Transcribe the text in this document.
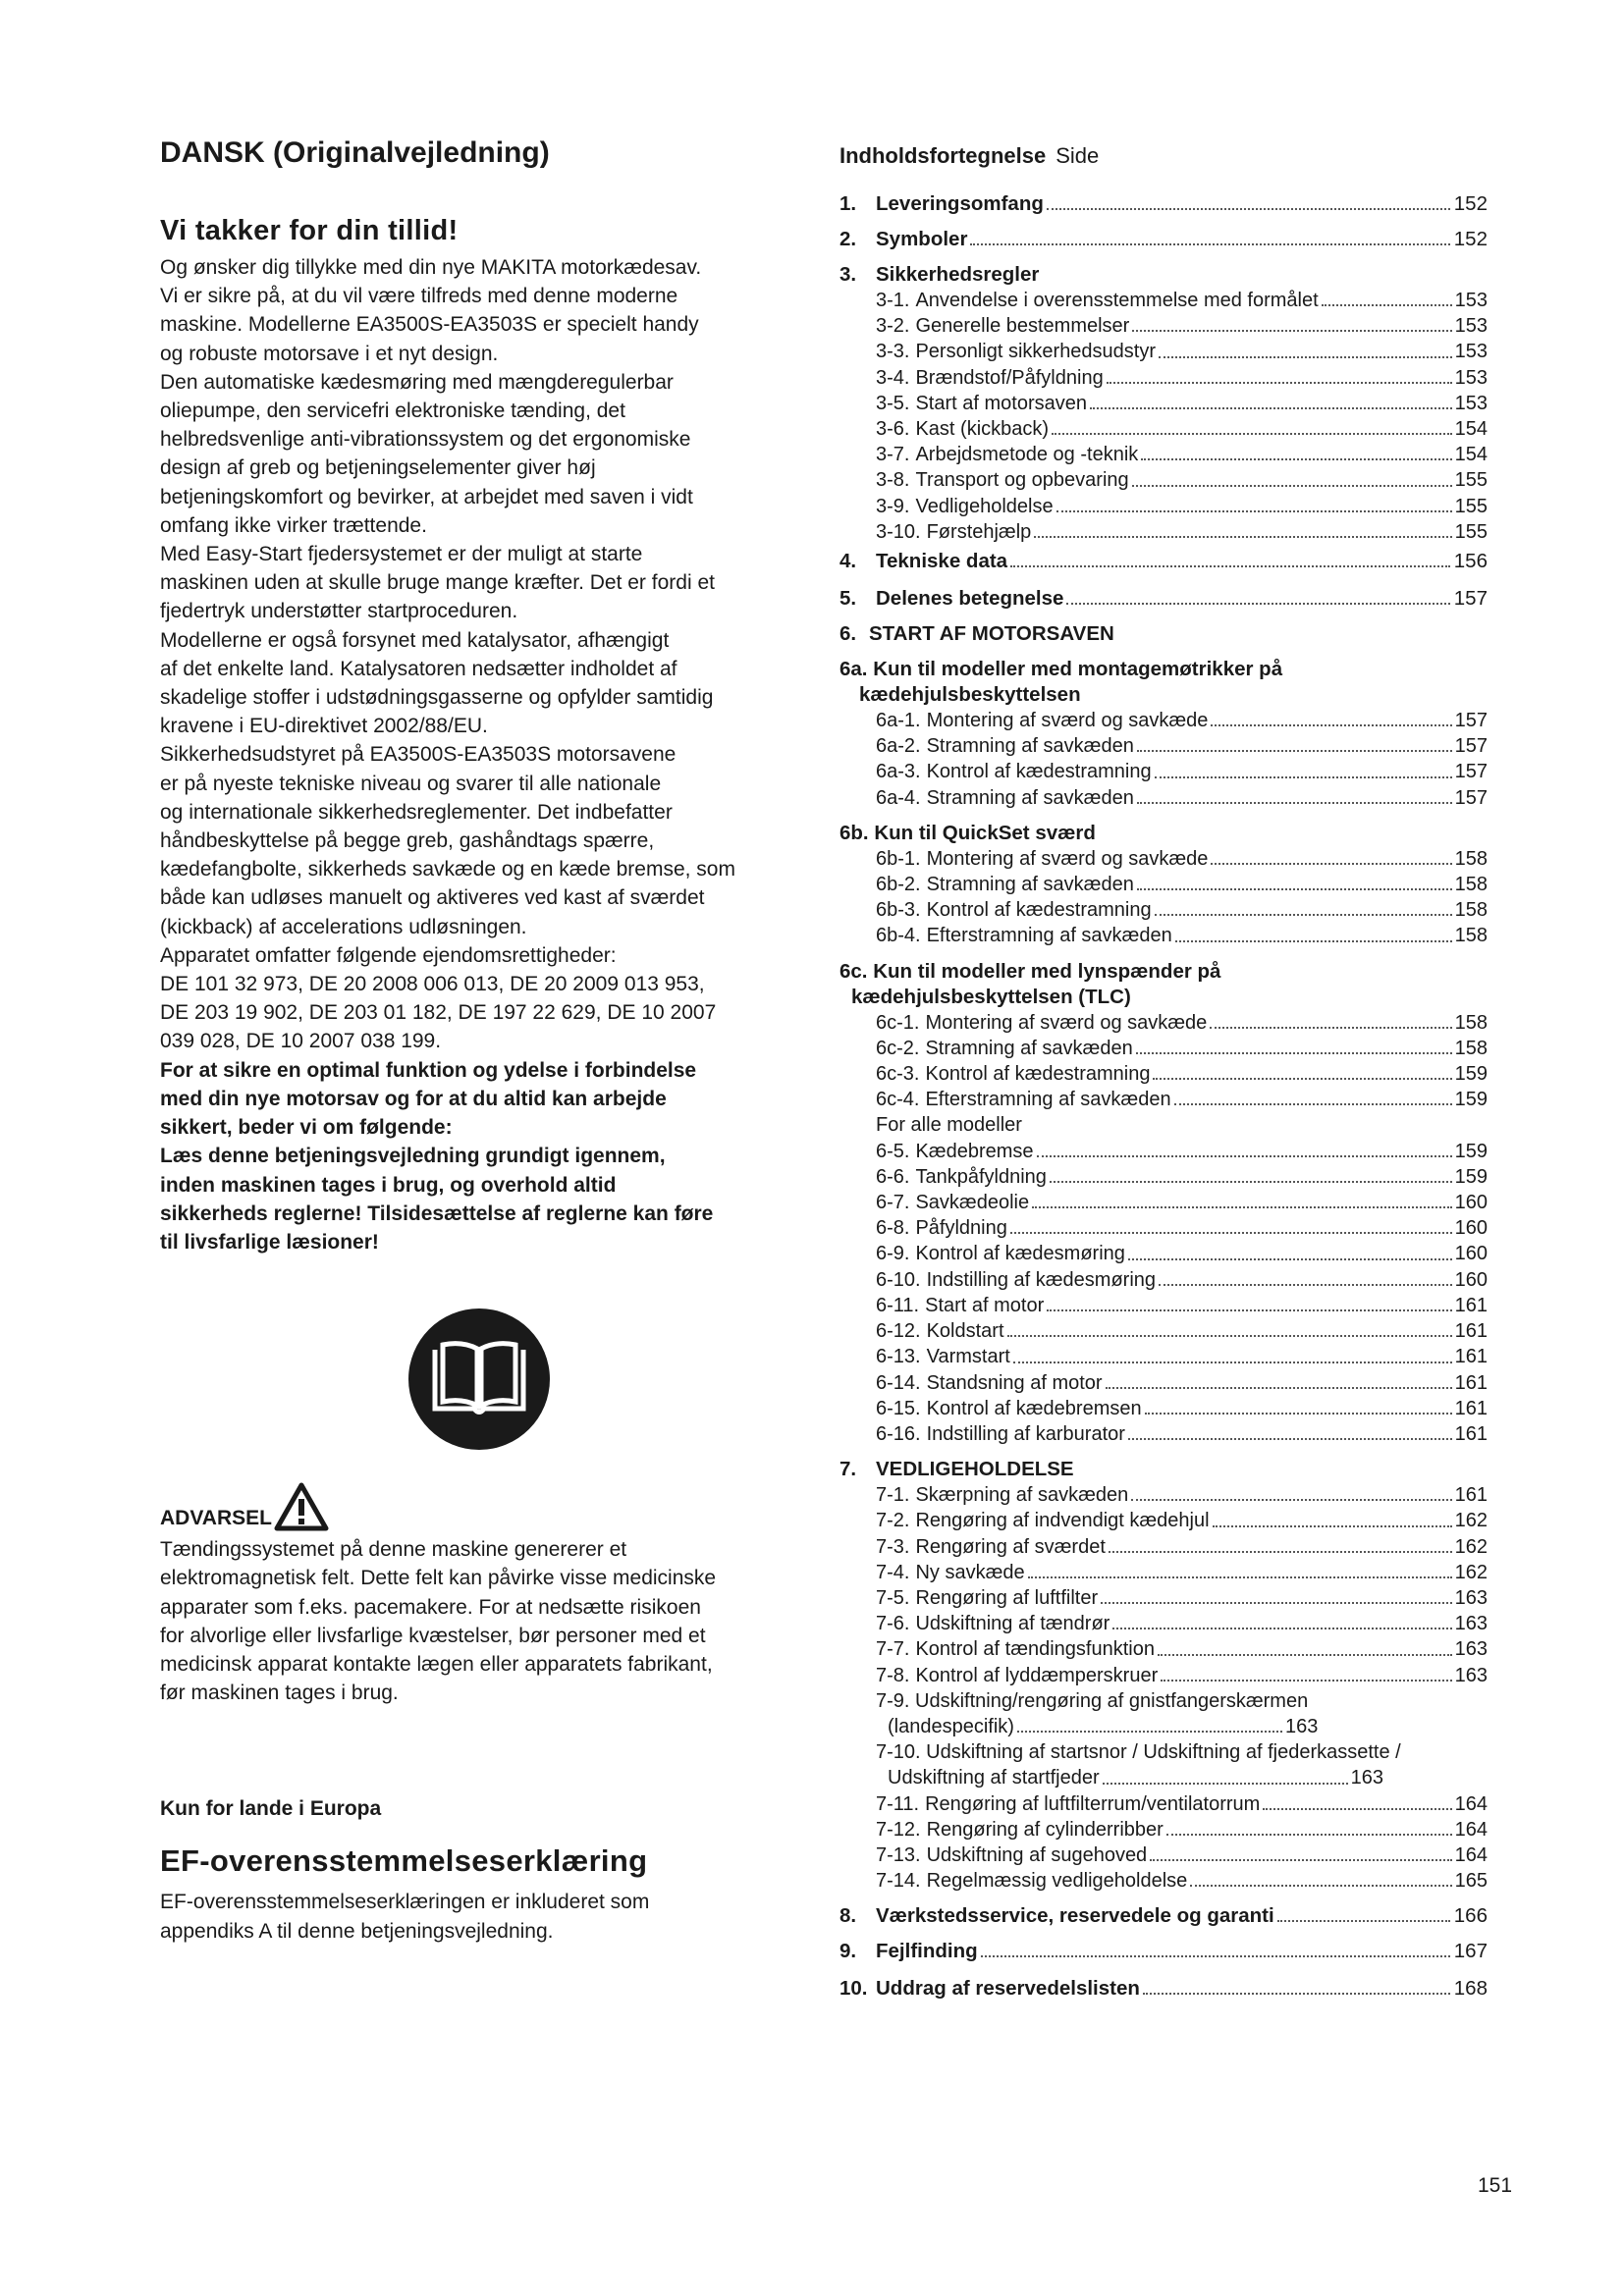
DANSK (Originalvejledning)
Vi takker for din tillid!

Og ønsker dig tillykke med din nye MAKITA motorkædesav.
Vi er sikre på, at du vil være tilfreds med denne moderne
maskine. Modellerne EA3500S-EA3503S er specielt handy
og robuste motorsave i et nyt design.
Den automatiske kædesmøring med mængderegulerbar
oliepumpe, den servicefri elektroniske tænding, det
helbredsvenlige anti-vibrationssystem og det ergonomiske
design af greb og betjeningselementer giver høj
betjeningskomfort og bevirker, at arbejdet med saven i vidt
omfang ikke virker trættende.
Med Easy-Start fjedersystemet er der muligt at starte
maskinen uden at skulle bruge mange kræfter. Det er fordi et
fjedertryk understøtter startproceduren.
Modellerne er også forsynet med katalysator, afhængigt
af det enkelte land. Katalysatoren nedsætter indholdet af
skadelige stoffer i udstødningsgasserne og opfylder samtidig
kravene i EU-direktivet 2002/88/EU.
Sikkerhedsudstyret på EA3500S-EA3503S motorsavene
er på nyeste tekniske niveau og svarer til alle nationale
og internationale sikkerhedsreglementer. Det indbefatter
håndbeskyttelse på begge greb, gashåndtags spærre,
kædefangbolte, sikkerheds savkæde og en kæde bremse, som
både kan udløses manuelt og aktiveres ved kast af sværdet
(kickback) af accelerations udløsningen.
Apparatet omfatter følgende ejendomsrettigheder:
DE 101 32 973, DE 20 2008 006 013, DE 20 2009 013 953,
DE 203 19 902, DE 203 01 182, DE 197 22 629, DE 10 2007
039 028, DE 10 2007 038 199.

For at sikre en optimal funktion og ydelse i forbindelse
med din nye motorsav og for at du altid kan arbejde
sikkert, beder vi om følgende:

Læs denne betjeningsvejledning grundigt igennem,
inden maskinen tages i brug, og overhold altid
sikkerheds reglerne! Tilsidesættelse af reglerne kan føre
til livsfarlige læsioner!

ADVARSEL

Tændingssystemet på denne maskine genererer et
elektromagnetisk felt. Dette felt kan påvirke visse medicinske
apparater som f.eks. pacemakere. For at nedsætte risikoen
for alvorlige eller livsfarlige kvæstelser, bør personer med et
medicinsk apparat kontakte lægen eller apparatets fabrikant,
før maskinen tages i brug.

Kun for lande i Europa

EF-overensstemmelseserklæring

EF-overensstemmelseserklæringen er inkluderet som
appendiks A til denne betjeningsvejledning.

Indholdsfortegnelse Side
1. Leveringsomfang	152
2. Symboler	152
3. Sikkerhedsregler
3-1. Anvendelse i overensstemmelse med formålet	153
3-2. Generelle bestemmelser	153
3-3. Personligt sikkerhedsudstyr	153
3-4. Brændstof/Påfyldning	153
3-5. Start af motorsaven	153
3-6. Kast (kickback)	154
3-7. Arbejdsmetode og -teknik	154
3-8. Transport og opbevaring	155
3-9. Vedligeholdelse	155
3-10. Førstehjælp	155
4. Tekniske data	156
5. Delenes betegnelse	157
6. START AF MOTORSAVEN
6a. Kun til modeller med montagemøtrikker på
kædehjulsbeskyttelsen
6a-1. Montering af sværd og savkæde	157
6a-2. Stramning af savkæden	157
6a-3. Kontrol af kædestramning	157
6a-4. Stramning af savkæden	157
6b. Kun til QuickSet sværd
6b-1. Montering af sværd og savkæde	158
6b-2. Stramning af savkæden	158
6b-3. Kontrol af kædestramning	158
6b-4. Efterstramning af savkæden	158
6c. Kun til modeller med lynspænder på
kædehjulsbeskyttelsen (TLC)
6c-1. Montering af sværd og savkæde	158
6c-2. Stramning af savkæden	158
6c-3. Kontrol af kædestramning	159
6c-4. Efterstramning af savkæden	159
For alle modeller
6-5. Kædebremse	159
6-6. Tankpåfyldning	159
6-7. Savkædeolie	160
6-8. Påfyldning	160
6-9. Kontrol af kædesmøring	160
6-10. Indstilling af kædesmøring	160
6-11. Start af motor	161
6-12. Koldstart	161
6-13. Varmstart	161
6-14. Standsning af motor	161
6-15. Kontrol af kædebremsen	161
6-16. Indstilling af karburator	161
7. VEDLIGEHOLDELSE
7-1. Skærpning af savkæden	161
7-2. Rengøring af indvendigt kædehjul	162
7-3. Rengøring af sværdet	162
7-4. Ny savkæde	162
7-5. Rengøring af luftfilter	163
7-6. Udskiftning af tændrør	163
7-7. Kontrol af tændingsfunktion	163
7-8. Kontrol af lyddæmperskruer	163
7-9. Udskiftning/rengøring af gnistfangerskærmen
(landespecifik)	163
7-10. Udskiftning af startsnor / Udskiftning af fjederkassette /
Udskiftning af startfjeder	163
7-11. Rengøring af luftfilterrum/ventilatorrum	164
7-12. Rengøring af cylinderribber	164
7-13. Udskiftning af sugehoved	164
7-14. Regelmæssig vedligeholdelse	165
8. Værkstedsservice, reservedele og garanti	166
9. Fejlfinding	167
10. Uddrag af reservedelslisten	168
151
